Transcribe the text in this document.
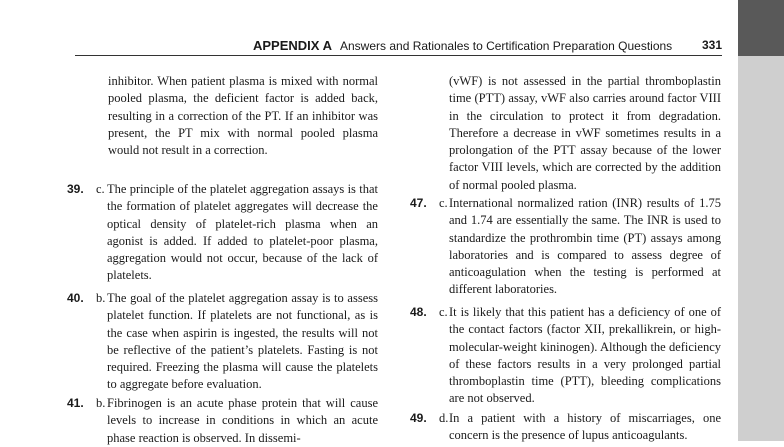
APPENDIX A Answers and Rationales to Certification Preparation Questions 331
inhibitor. When patient plasma is mixed with normal pooled plasma, the deficient factor is added back, resulting in a correction of the PT. If an inhibitor was present, the PT mix with normal pooled plasma would not result in a correction.
39. c. The principle of the platelet aggregation assays is that the formation of platelet aggregates will decrease the optical density of platelet-rich plasma when an agonist is added. If added to platelet-poor plasma, aggregation would not occur, because of the lack of platelets.
40. b. The goal of the platelet aggregation assay is to assess platelet function. If platelets are not functional, as is the case when aspirin is ingested, the results will not be reflective of the patient’s platelets. Fasting is not required. Freezing the plasma will cause the platelets to aggregate before evaluation.
41. b. Fibrinogen is an acute phase protein that will cause levels to increase in conditions in which an acute phase reaction is observed. In dissemi-
(vWF) is not assessed in the partial thromboplastin time (PTT) assay, vWF also carries around factor VIII in the circulation to protect it from degradation. Therefore a decrease in vWF sometimes results in a prolongation of the PTT assay because of the lower factor VIII levels, which are corrected by the addition of normal pooled plasma.
47. c. International normalized ration (INR) results of 1.75 and 1.74 are essentially the same. The INR is used to standardize the prothrombin time (PT) assays among laboratories and is compared to assess degree of anticoagulation when the testing is performed at different laboratories.
48. c. It is likely that this patient has a deficiency of one of the contact factors (factor XII, prekallikrein, or high-molecular-weight kininogen). Although the deficiency of these factors results in a very prolonged partial thromboplastin time (PTT), bleeding complications are not observed.
49. d. In a patient with a history of miscarriages, one concern is the presence of lupus anticoagulants.
